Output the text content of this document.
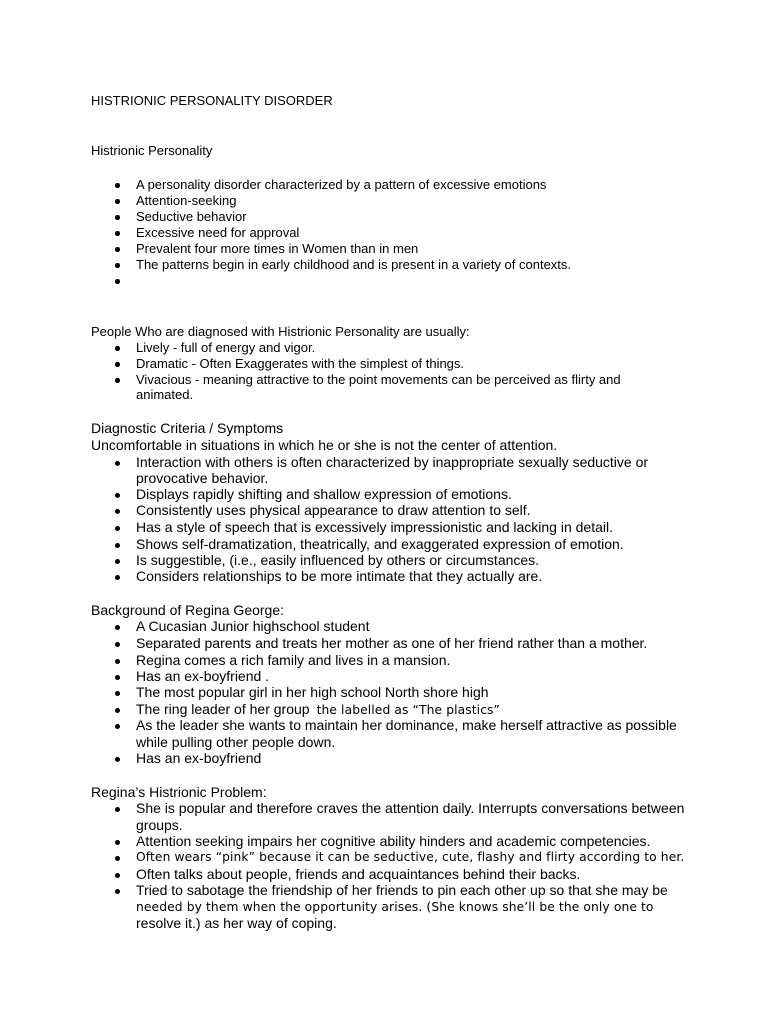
HISTRIONIC PERSONALITY DISORDER
Histrionic Personality
A personality disorder characterized by a pattern of excessive emotions
Attention-seeking
Seductive behavior
Excessive need for approval
Prevalent four more times in Women than in men
The patterns begin in early childhood and is present in a variety of contexts.
People Who are diagnosed with Histrionic Personality are usually:
Lively - full of energy and vigor.
Dramatic - Often Exaggerates with the simplest of things.
Vivacious - meaning attractive to the point movements can be perceived as flirty and
animated.
Diagnostic Criteria / Symptoms
Uncomfortable in situations in which he or she is not the center of attention.
Interaction with others is often characterized by inappropriate sexually seductive or
provocative behavior.
Displays rapidly shifting and shallow expression of emotions.
Consistently uses physical appearance to draw attention to self.
Has a style of speech that is excessively impressionistic and lacking in detail.
Shows self-dramatization, theatrically, and exaggerated expression of emotion.
Is suggestible, (i.e., easily influenced by others or circumstances.
Considers relationships to be more intimate that they actually are.
Background of Regina George:
A Cucasian Junior highschool student
Separated parents and treats her mother as one of her friend rather than a mother.
Regina comes a rich family and lives in a mansion.
Has an ex-boyfriend .
The most popular girl in her high school North shore high
The ring leader of her group the labelled as “The plastics”
As the leader she wants to maintain her dominance, make herself attractive as possible
while pulling other people down.
Has an ex-boyfriend
Regina’s Histrionic Problem:
She is popular and therefore craves the attention daily. Interrupts conversations between
groups.
Attention seeking impairs her cognitive ability hinders and academic competencies.
Often wears “pink” because it can be seductive, cute, flashy and flirty according to her.
Often talks about people, friends and acquaintances behind their backs.
Tried to sabotage the friendship of her friends to pin each other up so that she may be
needed by them when the opportunity arises. (She knows she’ll be the only one to
resolve it.) as her way of coping.
